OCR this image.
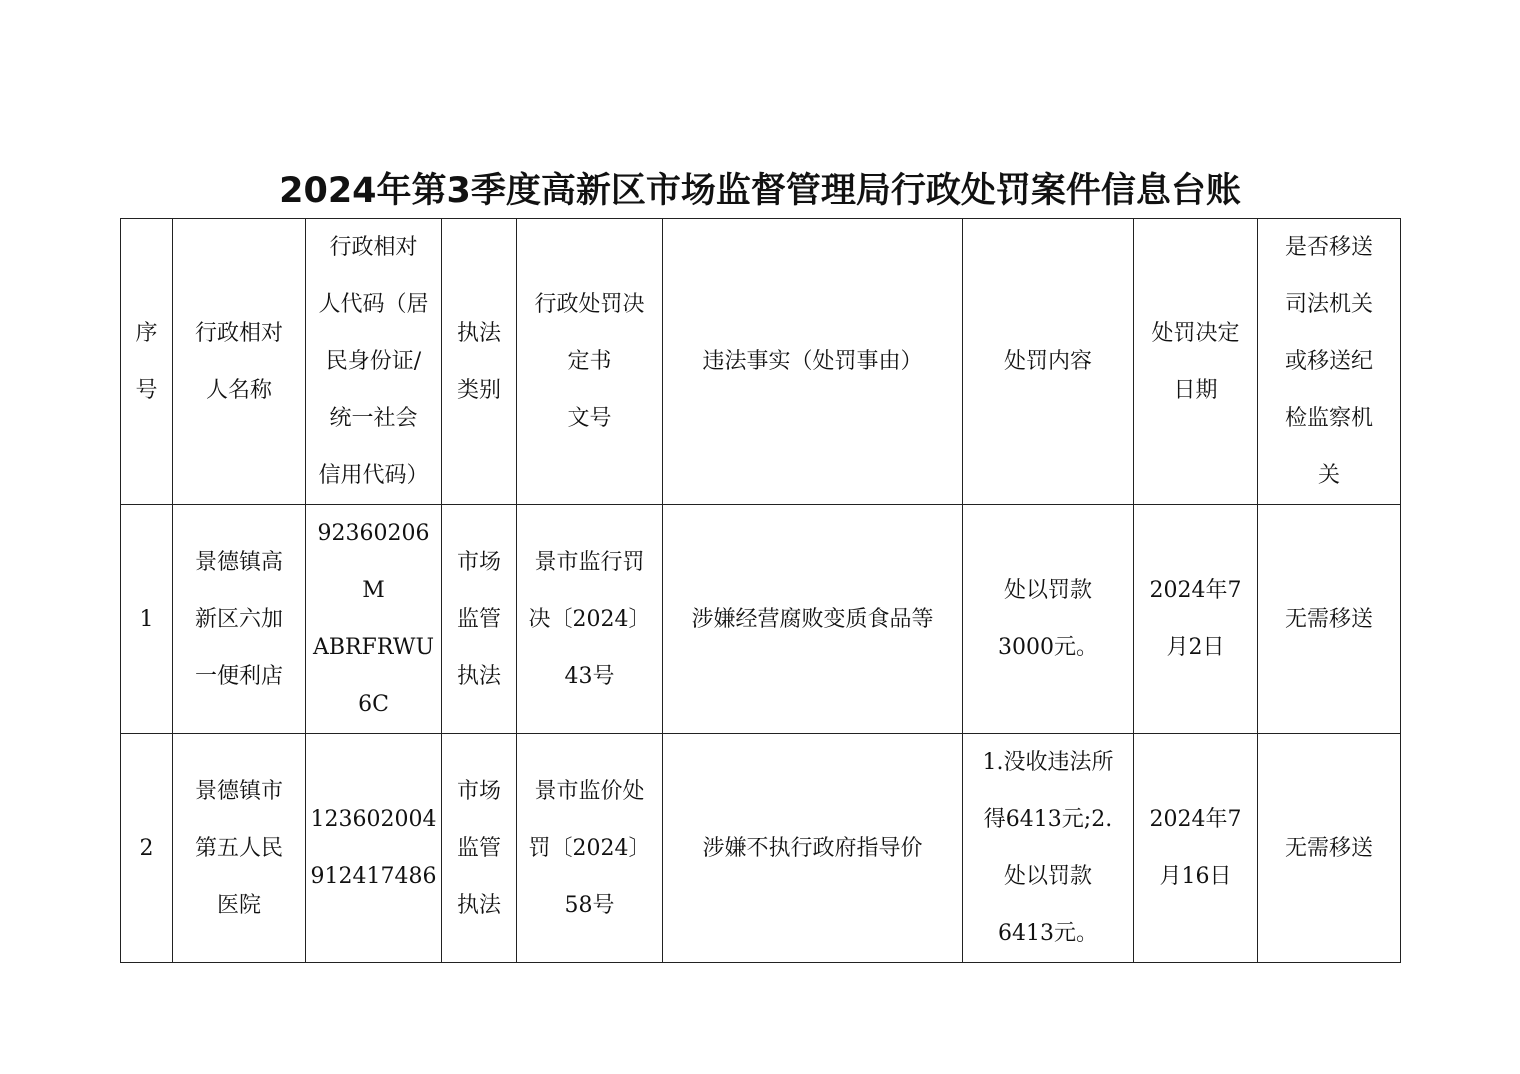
2024年第3季度高新区市场监督管理局行政处罚案件信息台账
序
号	行政相对
人名称	行政相对
人代码（居
民身份证/
统一社会
信用代码）	执法
类别	行政处罚决
定书
文号	违法事实（处罚事由）	处罚内容	处罚决定
日期	是否移送
司法机关
或移送纪
检监察机
关
1	景德镇高
新区六加
一便利店	92360206M
ABRFRWU6C	市场
监管
执法	景市监行罚
决〔2024〕
43号	涉嫌经营腐败变质食品等	处以罚款
3000元。	2024年7
月2日	无需移送
2	景德镇市
第五人民
医院	123602004
912417486	市场
监管
执法	景市监价处
罚〔2024〕
58号	涉嫌不执行政府指导价	1.没收违法所
得6413元;2.
处以罚款
6413元。	2024年7
月16日	无需移送
